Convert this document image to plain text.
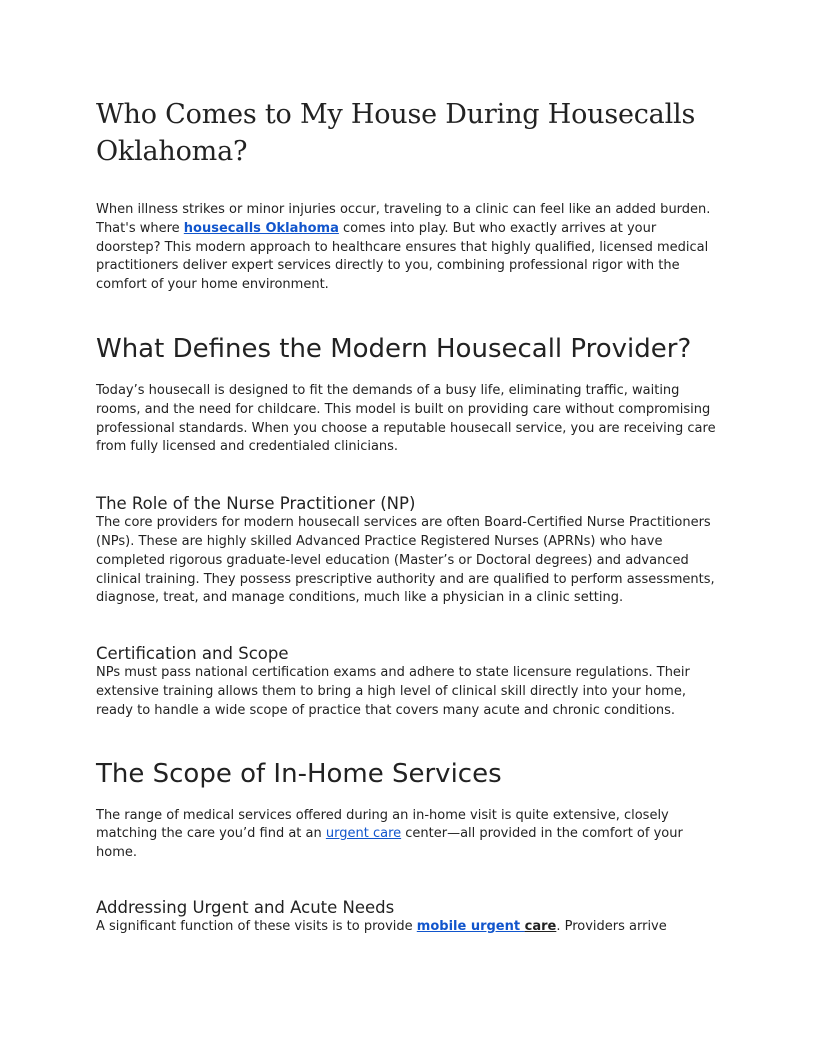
Who Comes to My House During Housecalls Oklahoma?

When illness strikes or minor injuries occur, traveling to a clinic can feel like an added burden. That's where housecalls Oklahoma comes into play. But who exactly arrives at your doorstep? This modern approach to healthcare ensures that highly qualified, licensed medical practitioners deliver expert services directly to you, combining professional rigor with the comfort of your home environment.

What Defines the Modern Housecall Provider?

Today’s housecall is designed to fit the demands of a busy life, eliminating traffic, waiting rooms, and the need for childcare. This model is built on providing care without compromising professional standards. When you choose a reputable housecall service, you are receiving care from fully licensed and credentialed clinicians.

The Role of the Nurse Practitioner (NP)

The core providers for modern housecall services are often Board-Certified Nurse Practitioners (NPs). These are highly skilled Advanced Practice Registered Nurses (APRNs) who have completed rigorous graduate-level education (Master’s or Doctoral degrees) and advanced clinical training. They possess prescriptive authority and are qualified to perform assessments, diagnose, treat, and manage conditions, much like a physician in a clinic setting.

Certification and Scope

NPs must pass national certification exams and adhere to state licensure regulations. Their extensive training allows them to bring a high level of clinical skill directly into your home, ready to handle a wide scope of practice that covers many acute and chronic conditions.

The Scope of In-Home Services

The range of medical services offered during an in-home visit is quite extensive, closely matching the care you’d find at an urgent care center—all provided in the comfort of your home.

Addressing Urgent and Acute Needs

A significant function of these visits is to provide mobile urgent care. Providers arrive
